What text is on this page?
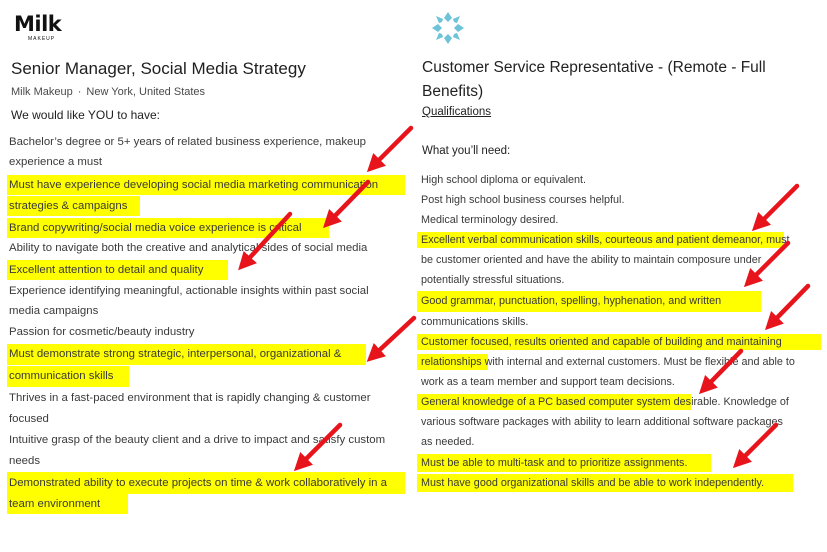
Milk
MAKEUP
Senior Manager, Social Media Strategy
Milk Makeup · New York, United States
We would like YOU to have:
Bachelor’s degree or 5+ years of related business experience, makeup
experience a must
Must have experience developing social media marketing communication
strategies & campaigns
Brand copywriting/social media voice experience is critical
Ability to navigate both the creative and analytical sides of social media
Excellent attention to detail and quality
Experience identifying meaningful, actionable insights within past social
media campaigns
Passion for cosmetic/beauty industry
Must demonstrate strong strategic, interpersonal, organizational &
communication skills
Thrives in a fast-paced environment that is rapidly changing & customer
focused
Intuitive grasp of the beauty client and a drive to impact and satisfy custom
needs
Demonstrated ability to execute projects on time & work collaboratively in a
team environment
Customer Service Representative - (Remote - Full
Benefits)
Qualifications
What you’ll need:
High school diploma or equivalent.
Post high school business courses helpful.
Medical terminology desired.
Excellent verbal communication skills, courteous and patient demeanor, must
be customer oriented and have the ability to maintain composure under
potentially stressful situations.
Good grammar, punctuation, spelling, hyphenation, and written
communications skills.
Customer focused, results oriented and capable of building and maintaining
relationships with internal and external customers. Must be flexible and able to
work as a team member and support team decisions.
General knowledge of a PC based computer system desirable. Knowledge of
various software packages with ability to learn additional software packages
as needed.
Must be able to multi-task and to prioritize assignments.
Must have good organizational skills and be able to work independently.
